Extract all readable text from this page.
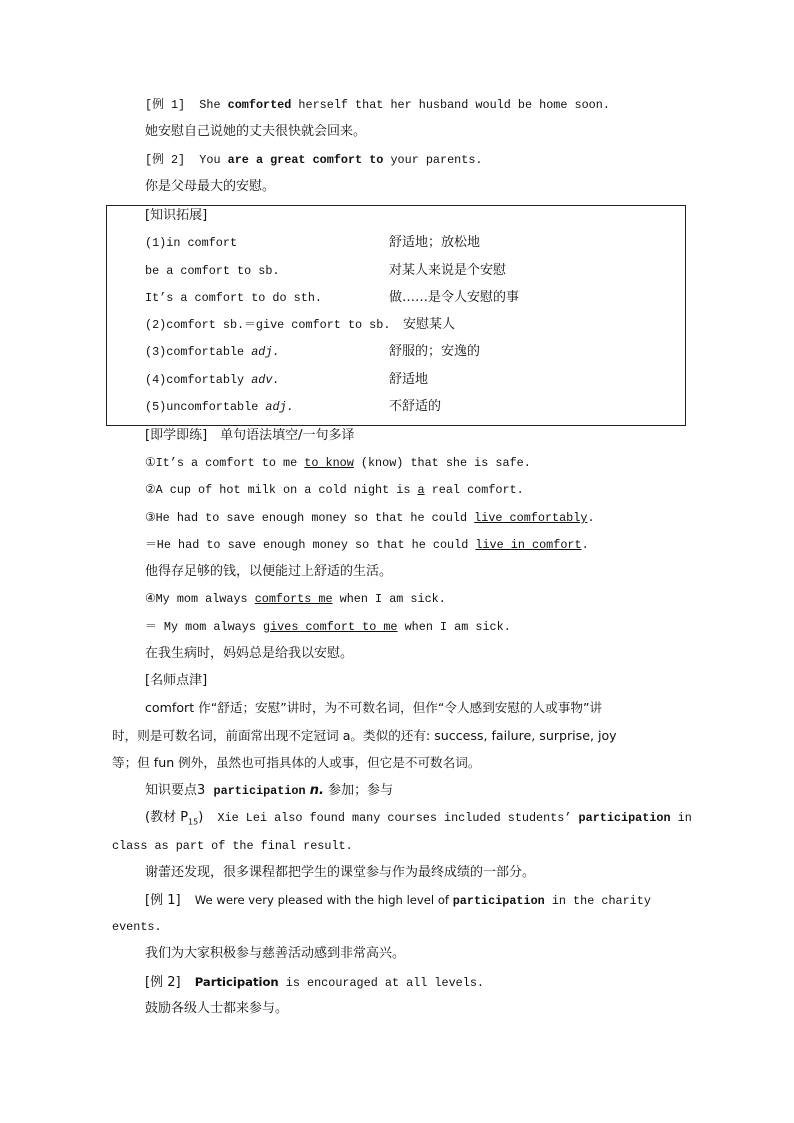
[例 1] She comforted herself that her husband would be home soon.
她安慰自己说她的丈夫很快就会回来。
[例 2] You are a great comfort to your parents.
你是父母最大的安慰。
[知识拓展]
(1)in comfort	舒适地；放松地
be a comfort to sb.	对某人来说是个安慰
It’s a comfort to do sth.	做……是令人安慰的事
(2)comfort sb.＝give comfort to sb. 安慰某人
(3)comfortable adj.	舒服的；安逸的
(4)comfortably adv.	舒适地
(5)uncomfortable adj.	不舒适的
[即学即练]　单句语法填空/一句多译
①It’s a comfort to me to know (know) that she is safe.
②A cup of hot milk on a cold night is a real comfort.
③He had to save enough money so that he could live comfortably.
＝He had to save enough money so that he could live in comfort.
他得存足够的钱，以便能过上舒适的生活。
④My mom always comforts me when I am sick.
＝ My mom always gives comfort to me when I am sick.
在我生病时，妈妈总是给我以安慰。
[名师点津]
comfort 作“舒适；安慰”讲时，为不可数名词，但作“令人感到安慰的人或事物”讲
时，则是可数名词，前面常出现不定冠词 a。类似的还有: success, failure, surprise, joy
等；但 fun 例外，虽然也可指具体的人或事，但它是不可数名词。
知识要点3 participation n. 参加；参与
(教材 $P_{15}$) Xie Lei also found many courses included students’ participation in
class as part of the final result.
谢蕾还发现，很多课程都把学生的课堂参与作为最终成绩的一部分。
[例 1] We were very pleased with the high level of participation in the charity
events.
我们为大家积极参与慈善活动感到非常高兴。
[例 2] Participation is encouraged at all levels.
鼓励各级人士都来参与。
